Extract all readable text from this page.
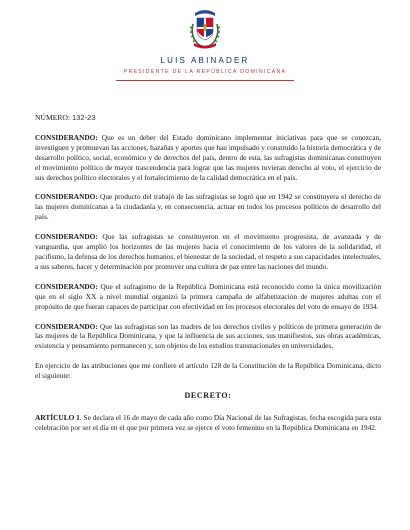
LUIS ABINADER
PRESIDENTE DE LA REPÚBLICA DOMINICANA

NÚMERO: 132-23

CONSIDERANDO: Que es un deber del Estado dominicano implementar iniciativas para que se conozcan, investiguen y promuevan las acciones, hazañas y aportes que han impulsado y construido la historia democrática y de desarrollo político, social, económico y de derechos del país, dentro de esta, las sufragistas dominicanas constituyen el movimiento político de mayor trascendencia para lograr que las mujeres tuvieran derecho al voto, el ejercicio de sus derechos político electorales y el fortalecimiento de la calidad democrática en el país.

CONSIDERANDO: Que producto del trabajo de las sufragistas se logró que en 1942 se constituyera el derecho de las mujeres dominicanas a la ciudadanía y, en consecuencia, actuar en todos los procesos políticos de desarrollo del país.

CONSIDERANDO: Que las sufragistas se constituyeron en el movimiento progresista, de avanzada y de vanguardia, que amplió los horizontes de las mujeres hacia el conocimiento de los valores de la solidaridad, el pacifismo, la defensa de los derechos humanos, el bienestar de la sociedad, el respeto a sus capacidades intelectuales, a sus saberes, hacer y determinación por promover una cultura de paz entre las naciones del mundo.

CONSIDERANDO: Que el sufragismo de la República Dominicana está reconocido como la única movilización que en el siglo XX a nivel mundial organizó la primera campaña de alfabetización de mujeres adultas con el propósito de que fueran capaces de participar con efectividad en los procesos electorales del voto de ensayo de 1934.

CONSIDERANDO: Que las sufragistas son las madres de los derechos civiles y políticos de primera generación de las mujeres de la República Dominicana, y que la influencia de sus acciones, sus manifiestos, sus obras académicas, existencia y pensamiento permanecen y, son objetos de los estudios transnacionales en universidades.

En ejercicio de las atribuciones que me confiere el artículo 128 de la Constitución de la República Dominicana, dicto el siguiente:

DECRETO:

ARTÍCULO 1. Se declara el 16 de mayo de cada año como Día Nacional de las Sufragistas, fecha escogida para esta celebración por ser el día en el que por primera vez se ejerce el voto femenino en la República Dominicana en 1942.
